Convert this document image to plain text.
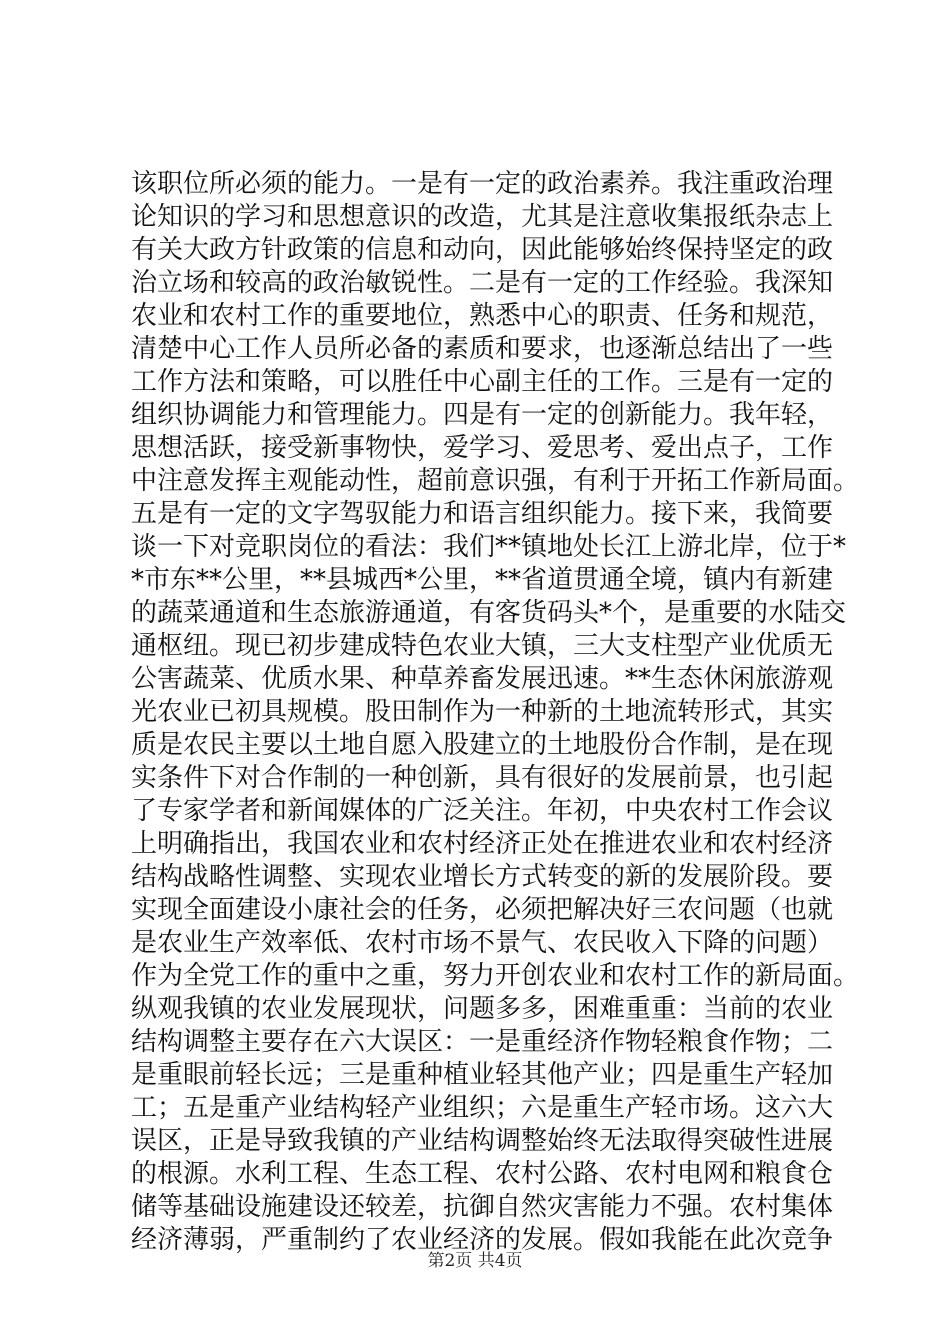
该职位所必须的能力。一是有一定的政治素养。我注重政治理
论知识的学习和思想意识的改造，尤其是注意收集报纸杂志上
有关大政方针政策的信息和动向，因此能够始终保持坚定的政
治立场和较高的政治敏锐性。二是有一定的工作经验。我深知
农业和农村工作的重要地位，熟悉中心的职责、任务和规范，
清楚中心工作人员所必备的素质和要求，也逐渐总结出了一些
工作方法和策略，可以胜任中心副主任的工作。三是有一定的
组织协调能力和管理能力。四是有一定的创新能力。我年轻，
思想活跃，接受新事物快，爱学习、爱思考、爱出点子，工作
中注意发挥主观能动性，超前意识强，有利于开拓工作新局面。
五是有一定的文字驾驭能力和语言组织能力。接下来，我简要
谈一下对竞职岗位的看法：我们**镇地处长江上游北岸，位于*
*市东**公里，**县城西*公里，**省道贯通全境，镇内有新建
的蔬菜通道和生态旅游通道，有客货码头*个，是重要的水陆交
通枢纽。现已初步建成特色农业大镇，三大支柱型产业优质无
公害蔬菜、优质水果、种草养畜发展迅速。**生态休闲旅游观
光农业已初具规模。股田制作为一种新的土地流转形式，其实
质是农民主要以土地自愿入股建立的土地股份合作制，是在现
实条件下对合作制的一种创新，具有很好的发展前景，也引起
了专家学者和新闻媒体的广泛关注。年初，中央农村工作会议
上明确指出，我国农业和农村经济正处在推进农业和农村经济
结构战略性调整、实现农业增长方式转变的新的发展阶段。要
实现全面建设小康社会的任务，必须把解决好三农问题（也就
是农业生产效率低、农村市场不景气、农民收入下降的问题）
作为全党工作的重中之重，努力开创农业和农村工作的新局面。
纵观我镇的农业发展现状，问题多多，困难重重：当前的农业
结构调整主要存在六大误区：一是重经济作物轻粮食作物；二
是重眼前轻长远；三是重种植业轻其他产业；四是重生产轻加
工；五是重产业结构轻产业组织；六是重生产轻市场。这六大
误区，正是导致我镇的产业结构调整始终无法取得突破性进展
的根源。水利工程、生态工程、农村公路、农村电网和粮食仓
储等基础设施建设还较差，抗御自然灾害能力不强。农村集体
经济薄弱，严重制约了农业经济的发展。假如我能在此次竞争
第2页 共4页
